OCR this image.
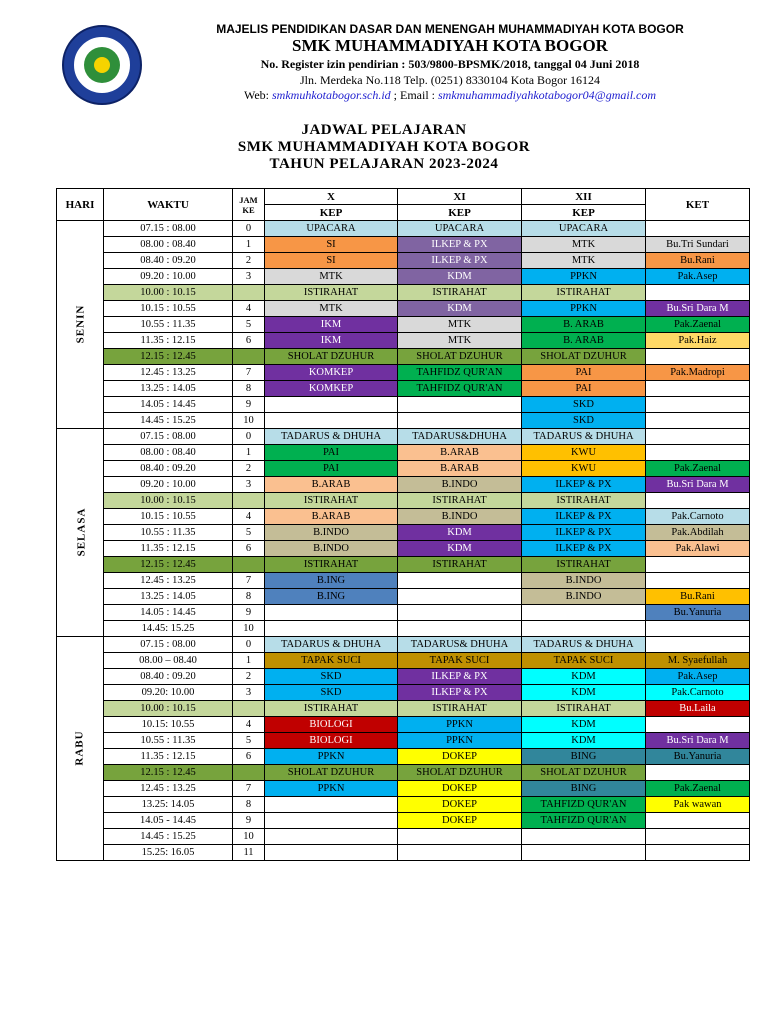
MAJELIS PENDIDIKAN DASAR DAN MENENGAH MUHAMMADIYAH KOTA BOGOR
SMK MUHAMMADIYAH KOTA BOGOR
No. Register izin pendirian : 503/9800-BPSMK/2018, tanggal 04 Juni 2018
Jln. Merdeka No.118 Telp. (0251) 8330104 Kota Bogor 16124
Web: smkmuhkotabogor.sch.id ; Email : smkmuhammadiyahkotabogor04@gmail.com
JADWAL PELAJARAN
SMK MUHAMMADIYAH KOTA BOGOR
TAHUN PELAJARAN 2023-2024
HARI	WAKTU	JAM KE	X	XI	XII	KET
			KEP	KEP	KEP	
SENIN	07.15 : 08.00	0	UPACARA	UPACARA	UPACARA	
	08.00 : 08.40	1	SI	ILKEP & PX	MTK	Bu.Tri Sundari
	08.40 : 09.20	2	SI	ILKEP & PX	MTK	Bu.Rani
	09.20 : 10.00	3	MTK	KDM	PPKN	Pak.Asep
	10.00 : 10.15		ISTIRAHAT	ISTIRAHAT	ISTIRAHAT	
	10.15 : 10.55	4	MTK	KDM	PPKN	Bu.Sri Dara M
	10.55 : 11.35	5	IKM	MTK	B. ARAB	Pak.Zaenal
	11.35 : 12.15	6	IKM	MTK	B. ARAB	Pak.Haiz
	12.15 : 12.45		SHOLAT DZUHUR	SHOLAT DZUHUR	SHOLAT DZUHUR	
	12.45 : 13.25	7	KOMKEP	TAHFIDZ QUR'AN	PAI	Pak.Madropi
	13.25 : 14.05	8	KOMKEP	TAHFIDZ QUR'AN	PAI	
	14.05 : 14.45	9			SKD	
	14.45 : 15.25	10			SKD	
SELASA	07.15 : 08.00	0	TADARUS & DHUHA	TADARUS&DHUHA	TADARUS & DHUHA	
	08.00 : 08.40	1	PAI	B.ARAB	KWU	
	08.40 : 09.20	2	PAI	B.ARAB	KWU	Pak.Zaenal
	09.20 : 10.00	3	B.ARAB	B.INDO	ILKEP & PX	Bu.Sri Dara M
	10.00 : 10.15		ISTIRAHAT	ISTIRAHAT	ISTIRAHAT	
	10.15 : 10.55	4	B.ARAB	B.INDO	ILKEP & PX	Pak.Carnoto
	10.55 : 11.35	5	B.INDO	KDM	ILKEP & PX	Pak.Abdilah
	11.35 : 12.15	6	B.INDO	KDM	ILKEP & PX	Pak.Alawi
	12.15 : 12.45		ISTIRAHAT	ISTIRAHAT	ISTIRAHAT	
	12.45 : 13.25	7	B.ING		B.INDO	
	13.25 : 14.05	8	B.ING		B.INDO	Bu.Rani
	14.05 : 14.45	9				Bu.Yanuria
	14.45: 15.25	10				
RABU	07.15 : 08.00	0	TADARUS & DHUHA	TADARUS& DHUHA	TADARUS & DHUHA	
	08.00 – 08.40	1	TAPAK SUCI	TAPAK SUCI	TAPAK SUCI	M. Syaefullah
	08.40 : 09.20	2	SKD	ILKEP & PX	KDM	Pak.Asep
	09.20: 10.00	3	SKD	ILKEP & PX	KDM	Pak.Carnoto
	10.00 : 10.15		ISTIRAHAT	ISTIRAHAT	ISTIRAHAT	Bu.Laila
	10.15: 10.55	4	BIOLOGI	PPKN	KDM	
	10.55 : 11.35	5	BIOLOGI	PPKN	KDM	Bu.Sri Dara M
	11.35 : 12.15	6	PPKN	DOKEP	BING	Bu.Yanuria
	12.15 : 12.45		SHOLAT DZUHUR	SHOLAT DZUHUR	SHOLAT DZUHUR	
	12.45 : 13.25	7	PPKN	DOKEP	BING	Pak.Zaenal
	13.25: 14.05	8		DOKEP	TAHFIZD QUR'AN	Pak wawan
	14.05 - 14.45	9		DOKEP	TAHFIZD QUR'AN	
	14.45 : 15.25	10				
	15.25: 16.05	11				
